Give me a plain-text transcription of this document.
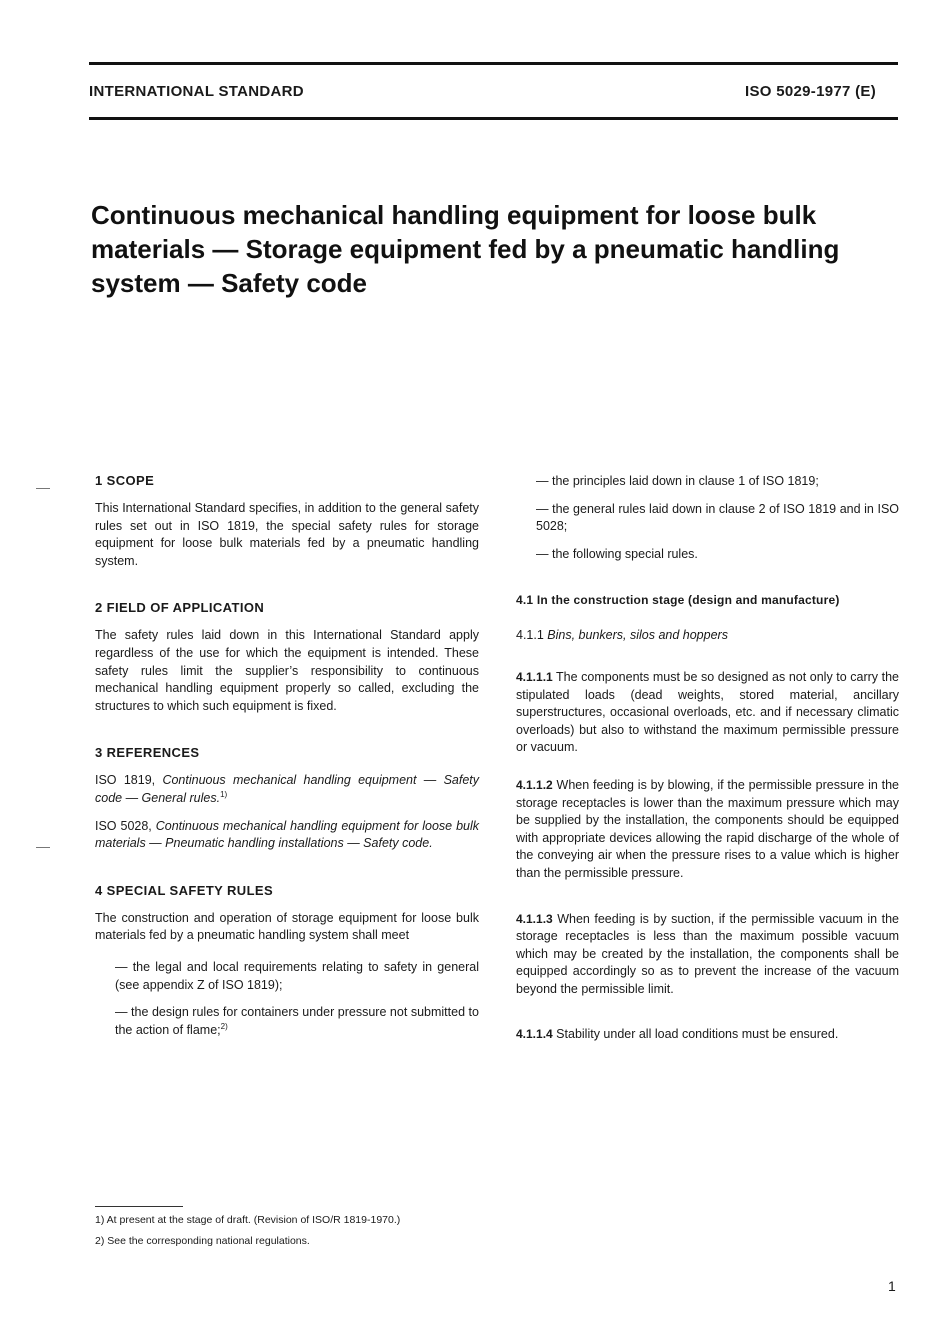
INTERNATIONAL STANDARD	ISO 5029-1977 (E)
Continuous mechanical handling equipment for loose bulk materials — Storage equipment fed by a pneumatic handling system — Safety code
1 SCOPE

This International Standard specifies, in addition to the general safety rules set out in ISO 1819, the special safety rules for storage equipment for loose bulk materials fed by a pneumatic handling system.

2 FIELD OF APPLICATION

The safety rules laid down in this International Standard apply regardless of the use for which the equipment is intended. These safety rules limit the supplier’s responsibility to continuous mechanical handling equipment properly so called, excluding the structures to which such equipment is fixed.

3 REFERENCES

ISO 1819, Continuous mechanical handling equipment — Safety code — General rules.$^{1)}$

ISO 5028, Continuous mechanical handling equipment for loose bulk materials — Pneumatic handling installations — Safety code.

4 SPECIAL SAFETY RULES

The construction and operation of storage equipment for loose bulk materials fed by a pneumatic handling system shall meet

— the legal and local requirements relating to safety in general (see appendix Z of ISO 1819);

— the design rules for containers under pressure not submitted to the action of flame;$^{2)}$

— the principles laid down in clause 1 of ISO 1819;

— the general rules laid down in clause 2 of ISO 1819 and in ISO 5028;

— the following special rules.

4.1 In the construction stage (design and manufacture)

4.1.1 Bins, bunkers, silos and hoppers

4.1.1.1 The components must be so designed as not only to carry the stipulated loads (dead weights, stored material, ancillary superstructures, occasional overloads, etc. and if necessary climatic overloads) but also to withstand the maximum permissible pressure or vacuum.

4.1.1.2 When feeding is by blowing, if the permissible pressure in the storage receptacles is lower than the maximum pressure which may be supplied by the installation, the components should be equipped with appropriate devices allowing the rapid discharge of the whole of the conveying air when the pressure rises to a value which is higher than the permissible pressure.

4.1.1.3 When feeding is by suction, if the permissible vacuum in the storage receptacles is less than the maximum possible vacuum which may be created by the installation, the components shall be equipped accordingly so as to prevent the increase of the vacuum beyond the permissible limit.

4.1.1.4 Stability under all load conditions must be ensured.

1) At present at the stage of draft. (Revision of ISO/R 1819-1970.)
2) See the corresponding national regulations.
1
